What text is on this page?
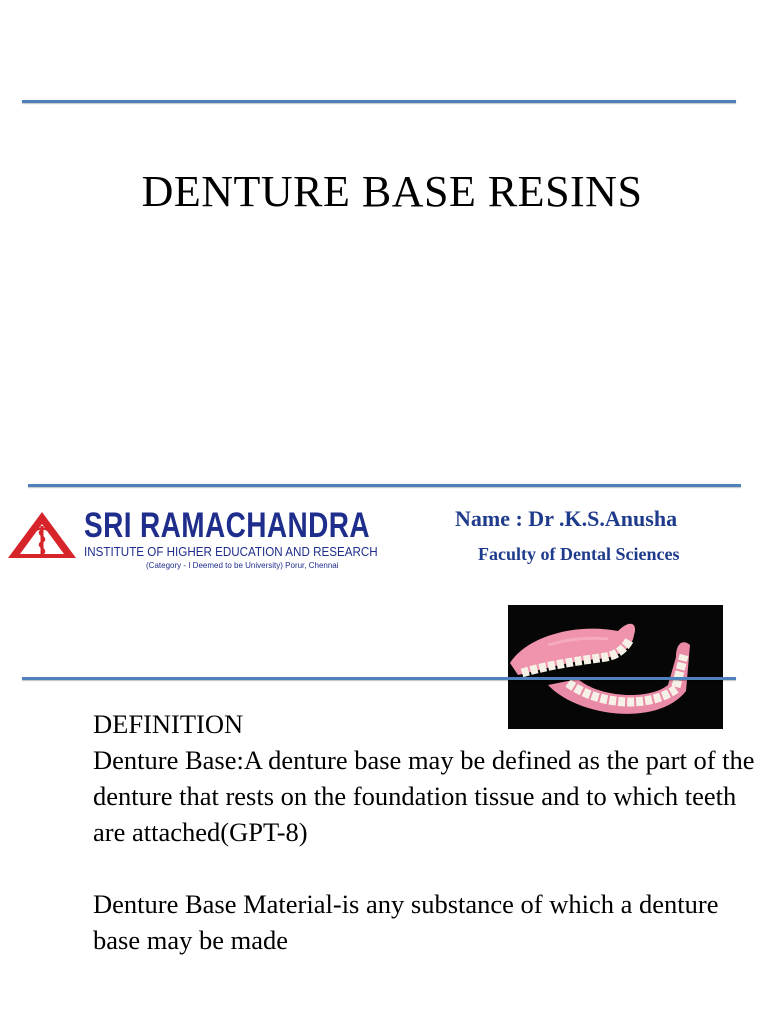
DENTURE BASE RESINS
SRI RAMACHANDRA
INSTITUTE OF HIGHER EDUCATION AND RESEARCH
(Category - I Deemed to be University) Porur, Chennai
Name : Dr .K.S.Anusha
Faculty of Dental Sciences

DEFINITION

Denture Base:A denture base may be defined as the part of the denture that rests on the foundation tissue and to which teeth are attached(GPT-8)

Denture Base Material-is any substance of which a denture base may be made
